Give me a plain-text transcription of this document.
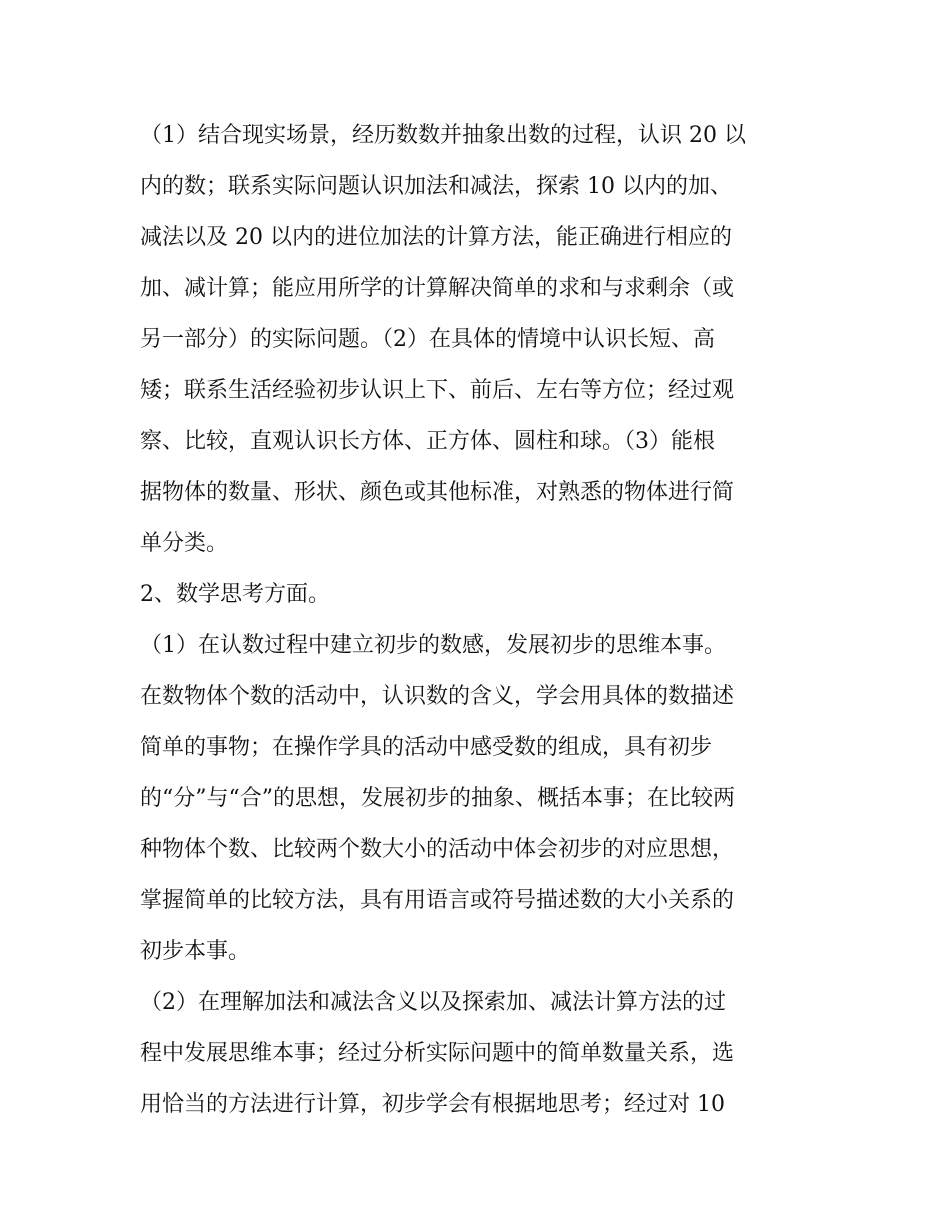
（1）结合现实场景，经历数数并抽象出数的过程，认识 20 以
内的数；联系实际问题认识加法和减法，探索 10 以内的加、
减法以及 20 以内的进位加法的计算方法，能正确进行相应的
加、减计算；能应用所学的计算解决简单的求和与求剩余（或
另一部分）的实际问题。（2）在具体的情境中认识长短、高
矮；联系生活经验初步认识上下、前后、左右等方位；经过观
察、比较，直观认识长方体、正方体、圆柱和球。（3）能根
据物体的数量、形状、颜色或其他标准，对熟悉的物体进行简
单分类。
2、数学思考方面。
（1）在认数过程中建立初步的数感，发展初步的思维本事。
在数物体个数的活动中，认识数的含义，学会用具体的数描述
简单的事物；在操作学具的活动中感受数的组成，具有初步
的“分”与“合”的思想，发展初步的抽象、概括本事；在比较两
种物体个数、比较两个数大小的活动中体会初步的对应思想，
掌握简单的比较方法，具有用语言或符号描述数的大小关系的
初步本事。
（2）在理解加法和减法含义以及探索加、减法计算方法的过
程中发展思维本事；经过分析实际问题中的简单数量关系，选
用恰当的方法进行计算，初步学会有根据地思考；经过对 10
